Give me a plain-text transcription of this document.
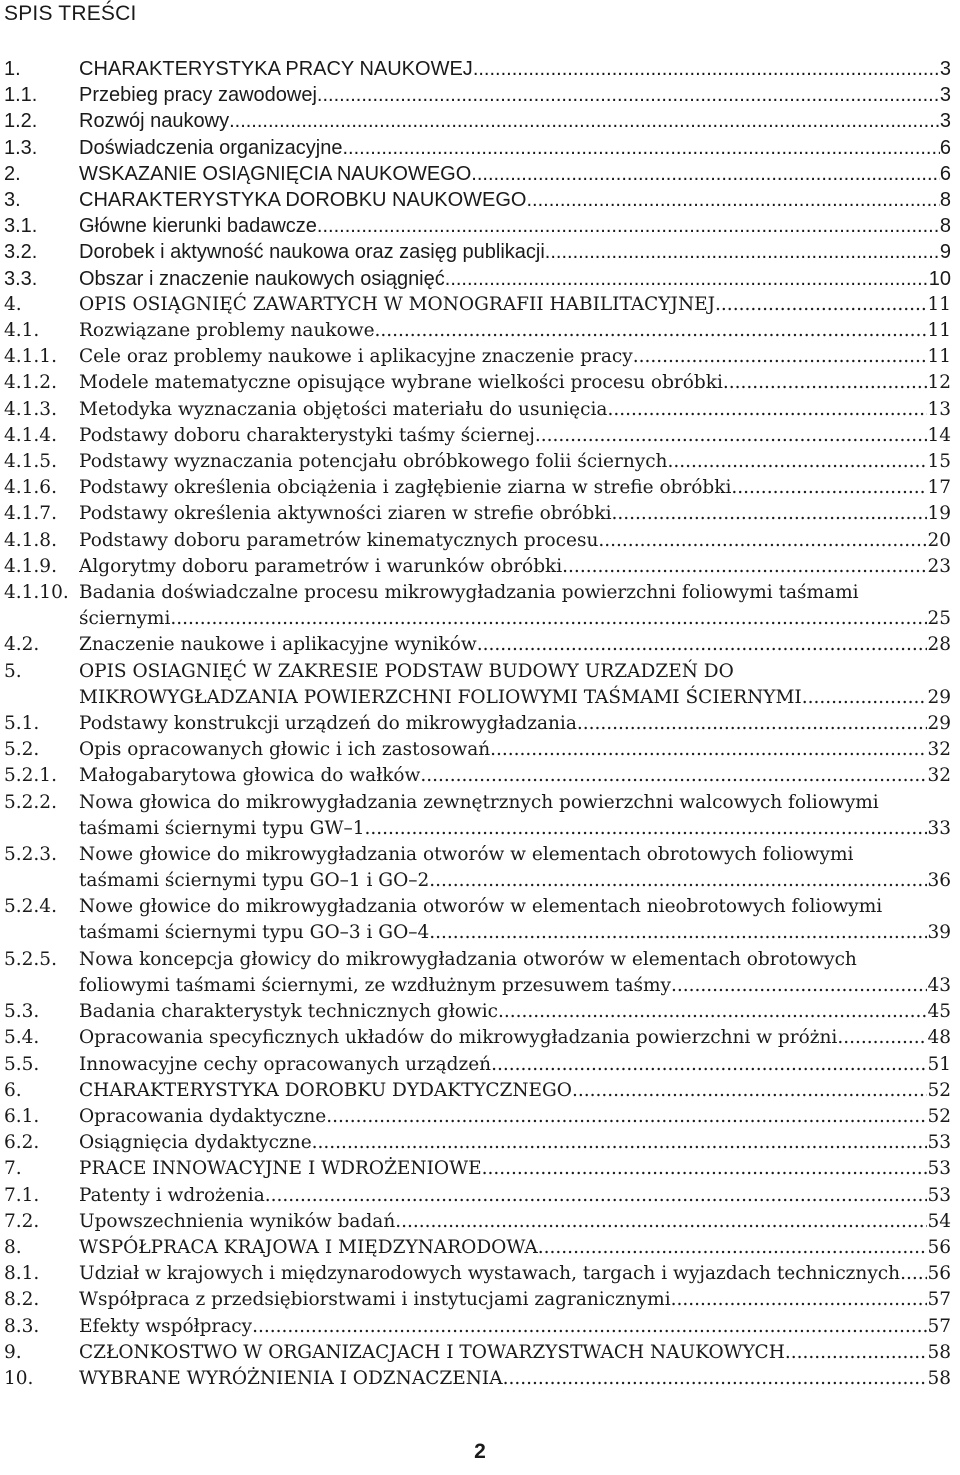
SPIS TREŚCI
1.	CHARAKTERYSTYKA PRACY NAUKOWEJ .....	3
1.1. Przebieg pracy zawodowej .....	3
1.2. Rozwój naukowy .....	3
1.3. Doświadczenia organizacyjne .....	6
2.	WSKAZANIE OSIĄGNIĘCIA NAUKOWEGO .....	6
3.	CHARAKTERYSTYKA DOROBKU NAUKOWEGO .....	8
3.1. Główne kierunki badawcze .....	8
3.2. Dorobek i aktywność naukowa oraz zasięg publikacji .....	9
3.3. Obszar i znaczenie naukowych osiągnięć .....	10
4.	OPIS OSIĄGNIĘĆ ZAWARTYCH W MONOGRAFII HABILITACYJNEJ .....	11
4.1. Rozwiązane problemy naukowe .....	11
4.1.1. Cele oraz problemy naukowe i aplikacyjne znaczenie pracy .....	11
4.1.2. Modele matematyczne opisujące wybrane wielkości procesu obróbki .....	12
4.1.3. Metodyka wyznaczania objętości materiału do usunięcia .....	13
4.1.4. Podstawy doboru charakterystyki taśmy ściernej .....	14
4.1.5. Podstawy wyznaczania potencjału obróbkowego folii ściernych .....	15
4.1.6. Podstawy określenia obciążenia i zagłębienie ziarna w strefie obróbki .....	17
4.1.7. Podstawy określenia aktywności ziaren w strefie obróbki .....	19
4.1.8. Podstawy doboru parametrów kinematycznych procesu .....	20
4.1.9. Algorytmy doboru parametrów i warunków obróbki .....	23
4.1.10. Badania doświadczalne procesu mikrowygładzania powierzchni foliowymi taśmami
ściernymi .....	25
4.2. Znaczenie naukowe i aplikacyjne wyników .....	28
5.	OPIS OSIAGNIĘĆ W ZAKRESIE PODSTAW BUDOWY URZADZEŃ DO
MIKROWYGŁADZANIA POWIERZCHNI FOLIOWYMI TAŚMAMI ŚCIERNYMI .....	29
5.1. Podstawy konstrukcji urządzeń do mikrowygładzania .....	29
5.2. Opis opracowanych głowic i ich zastosowań .....	32
5.2.1. Małogabarytowa głowica do wałków .....	32
5.2.2. Nowa głowica do mikrowygładzania zewnętrznych powierzchni walcowych foliowymi
taśmami ściernymi typu GW–1 .....	33
5.2.3. Nowe głowice do mikrowygładzania otworów w elementach obrotowych foliowymi
taśmami ściernymi typu GO–1 i GO–2 .....	36
5.2.4. Nowe głowice do mikrowygładzania otworów w elementach nieobrotowych foliowymi
taśmami ściernymi typu GO–3 i GO–4 .....	39
5.2.5. Nowa koncepcja głowicy do mikrowygładzania otworów w elementach obrotowych
foliowymi taśmami ściernymi, ze wzdłużnym przesuwem taśmy .....	43
5.3. Badania charakterystyk technicznych głowic .....	45
5.4. Opracowania specyficznych układów do mikrowygładzania powierzchni w próżni .....	48
5.5. Innowacyjne cechy opracowanych urządzeń .....	51
6.	CHARAKTERYSTYKA DOROBKU DYDAKTYCZNEGO .....	52
6.1. Opracowania dydaktyczne .....	52
6.2. Osiągnięcia dydaktyczne .....	53
7.	PRACE INNOWACYJNE I WDROŻENIOWE .....	53
7.1. Patenty i wdrożenia .....	53
7.2. Upowszechnienia wyników badań .....	54
8.	WSPÓŁPRACA KRAJOWA I MIĘDZYNARODOWA .....	56
8.1. Udział w krajowych i międzynarodowych wystawach, targach i wyjazdach technicznych. ..... 56
8.2. Współpraca z przedsiębiorstwami i instytucjami zagranicznymi .....	57
8.3. Efekty współpracy .....	57
9.	CZŁONKOSTWO W ORGANIZACJACH I TOWARZYSTWACH NAUKOWYCH .....	58
10. WYBRANE WYRÓŻNIENIA I ODZNACZENIA .....	58
2
